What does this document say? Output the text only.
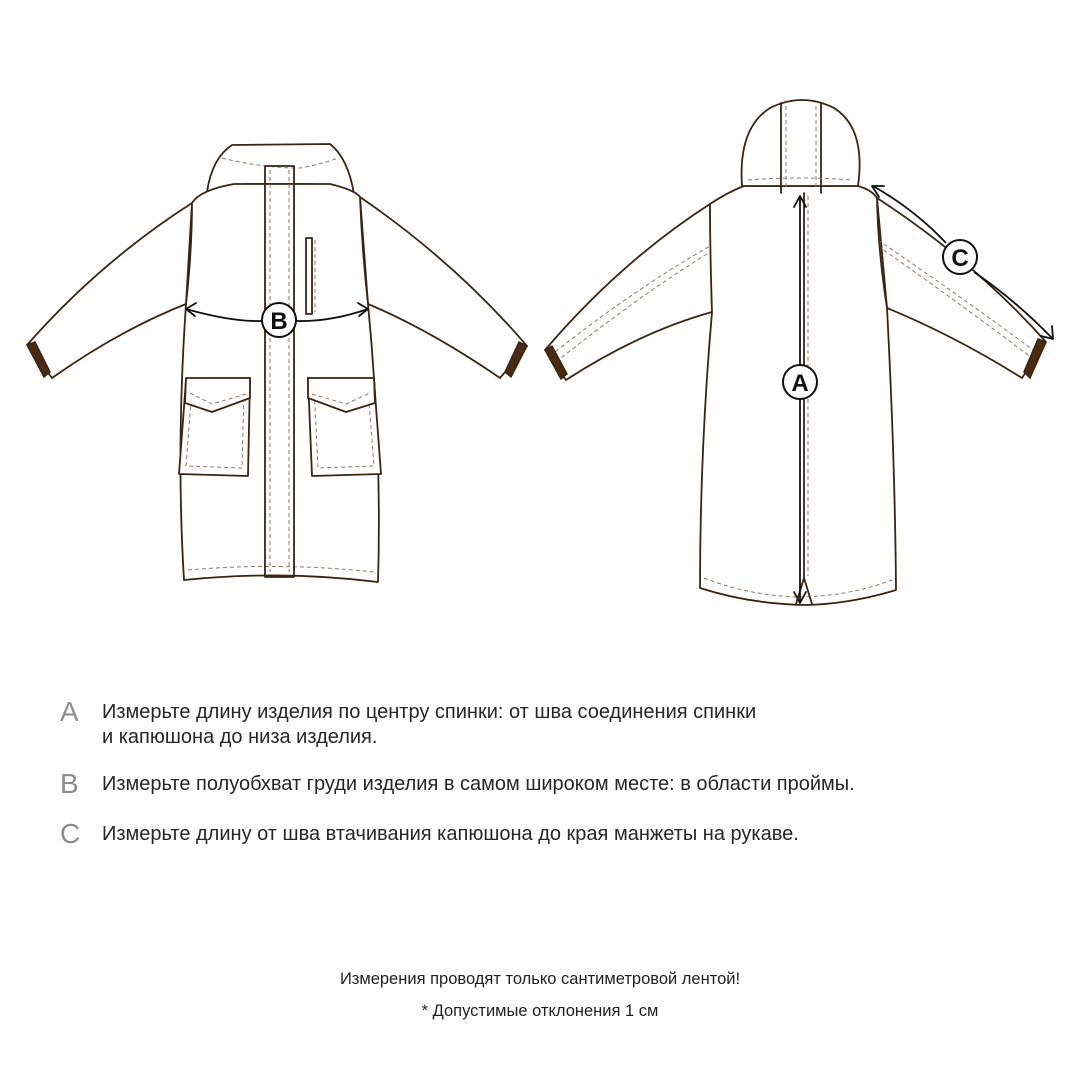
B
A
C
A	Измерьте длину изделия по центру спинки: от шва соединения спинки
и капюшона до низа изделия.
B	Измерьте полуобхват груди изделия в самом широком месте: в области проймы.
C	Измерьте длину от шва втачивания капюшона до края манжеты на рукаве.
Измерения проводят только сантиметровой лентой!
* Допустимые отклонения 1 см
